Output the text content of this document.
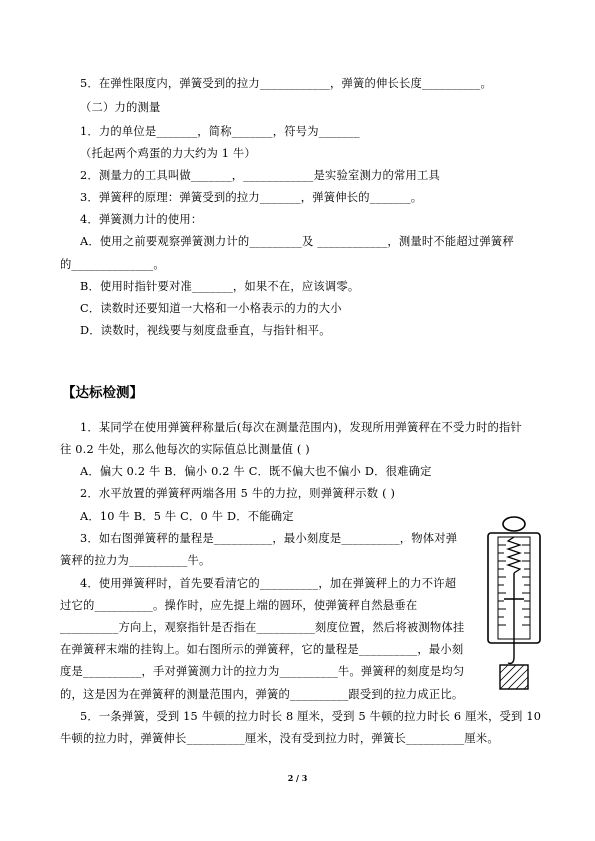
5．在弹性限度内，弹簧受到的拉力____________，弹簧的伸长长度__________。
（二）力的测量
1．力的单位是_______，简称_______，符号为_______
（托起两个鸡蛋的力大约为 1 牛）
2．测量力的工具叫做_______，____________是实验室测力的常用工具
3．弹簧秤的原理：弹簧受到的拉力_______，弹簧伸长的_______。
4．弹簧测力计的使用：
A．使用之前要观察弹簧测力计的_________及 ____________，测量时不能超过弹簧秤
的______________。
B．使用时指针要对准_______，如果不在，应该调零。
C．读数时还要知道一大格和一小格表示的力的大小
D．读数时，视线要与刻度盘垂直，与指针相平。
【达标检测】
1．某同学在使用弹簧秤称量后(每次在测量范围内)，发现所用弹簧秤在不受力时的指针
往 0.2 牛处，那么他每次的实际值总比测量值 ( )
A．偏大 0.2 牛 B．偏小 0.2 牛 C．既不偏大也不偏小 D．很难确定
2．水平放置的弹簧秤两端各用 5 牛的力拉，则弹簧秤示数 ( )
A．10 牛 B．5 牛 C．0 牛 D．不能确定
3．如右图弹簧秤的量程是__________，最小刻度是__________，物体对弹
簧秤的拉力为__________牛。
4．使用弹簧秤时，首先要看清它的__________，加在弹簧秤上的力不许超
过它的__________。操作时，应先提上端的圆环，使弹簧秤自然悬垂在
__________方向上，观察指针是否指在__________刻度位置，然后将被测物体挂
在弹簧秤末端的挂钩上。如右图所示的弹簧秤，它的量程是__________，最小刻
度是__________，手对弹簧测力计的拉力为__________牛。弹簧秤的刻度是均匀
的，这是因为在弹簧秤的测量范围内，弹簧的__________跟受到的拉力成正比。
5．一条弹簧，受到 15 牛顿的拉力时长 8 厘米，受到 5 牛顿的拉力时长 6 厘米，受到 10
牛顿的拉力时，弹簧伸长__________厘米，没有受到拉力时，弹簧长__________厘米。
2 / 3
